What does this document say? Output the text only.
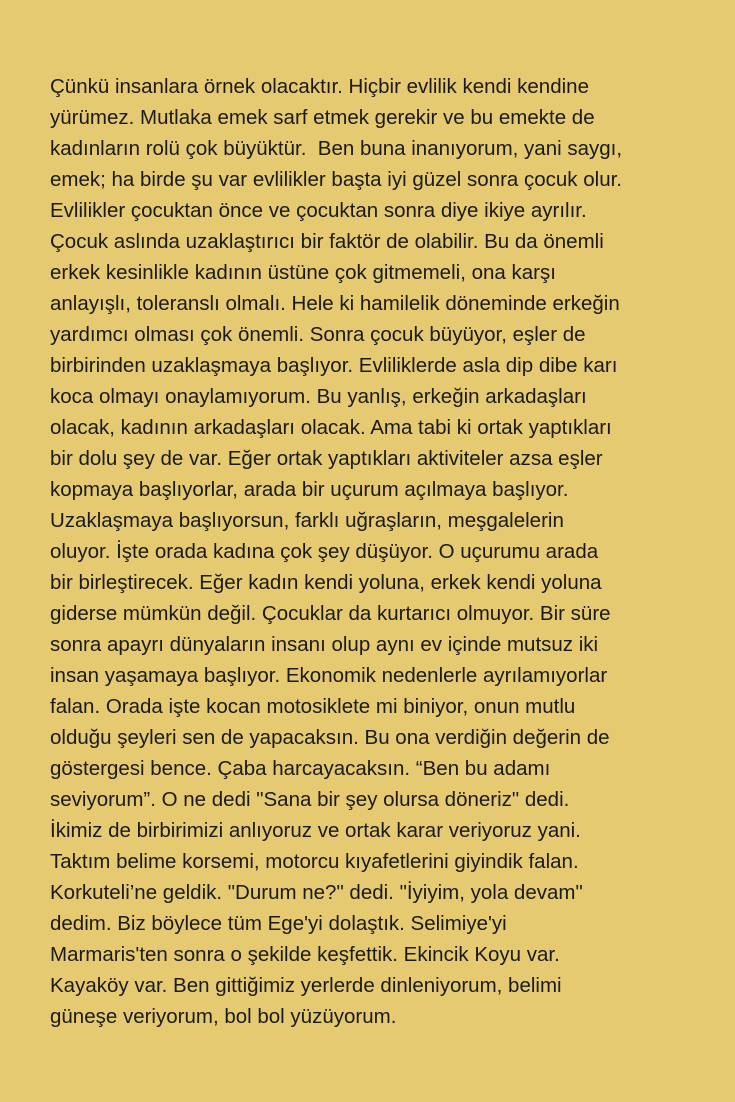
Çünkü insanlara örnek olacaktır. Hiçbir evlilik kendi kendine
yürümez. Mutlaka emek sarf etmek gerekir ve bu emekte de
kadınların rolü çok büyüktür.  Ben buna inanıyorum, yani saygı,
emek; ha birde şu var evlilikler başta iyi güzel sonra çocuk olur.
Evlilikler çocuktan önce ve çocuktan sonra diye ikiye ayrılır.
Çocuk aslında uzaklaştırıcı bir faktör de olabilir. Bu da önemli
erkek kesinlikle kadının üstüne çok gitmemeli, ona karşı
anlayışlı, toleranslı olmalı. Hele ki hamilelik döneminde erkeğin
yardımcı olması çok önemli. Sonra çocuk büyüyor, eşler de
birbirinden uzaklaşmaya başlıyor. Evliliklerde asla dip dibe karı
koca olmayı onaylamıyorum. Bu yanlış, erkeğin arkadaşları
olacak, kadının arkadaşları olacak. Ama tabi ki ortak yaptıkları
bir dolu şey de var. Eğer ortak yaptıkları aktiviteler azsa eşler
kopmaya başlıyorlar, arada bir uçurum açılmaya başlıyor.
Uzaklaşmaya başlıyorsun, farklı uğraşların, meşgalelerin
oluyor. İşte orada kadına çok şey düşüyor. O uçurumu arada
bir birleştirecek. Eğer kadın kendi yoluna, erkek kendi yoluna
giderse mümkün değil. Çocuklar da kurtarıcı olmuyor. Bir süre
sonra apayrı dünyaların insanı olup aynı ev içinde mutsuz iki
insan yaşamaya başlıyor. Ekonomik nedenlerle ayrılamıyorlar
falan. Orada işte kocan motosiklete mi biniyor, onun mutlu
olduğu şeyleri sen de yapacaksın. Bu ona verdiğin değerin de
göstergesi bence. Çaba harcayacaksın. “Ben bu adamı
seviyorum”. O ne dedi "Sana bir şey olursa döneriz" dedi.
İkimiz de birbirimizi anlıyoruz ve ortak karar veriyoruz yani.
Taktım belime korsemi, motorcu kıyafetlerini giyindik falan.
Korkuteli’ne geldik. "Durum ne?" dedi. "İyiyim, yola devam"
dedim. Biz böylece tüm Ege'yi dolaştık. Selimiye'yi
Marmaris'ten sonra o şekilde keşfettik. Ekincik Koyu var.
Kayaköy var. Ben gittiğimiz yerlerde dinleniyorum, belimi
güneşe veriyorum, bol bol yüzüyorum.
